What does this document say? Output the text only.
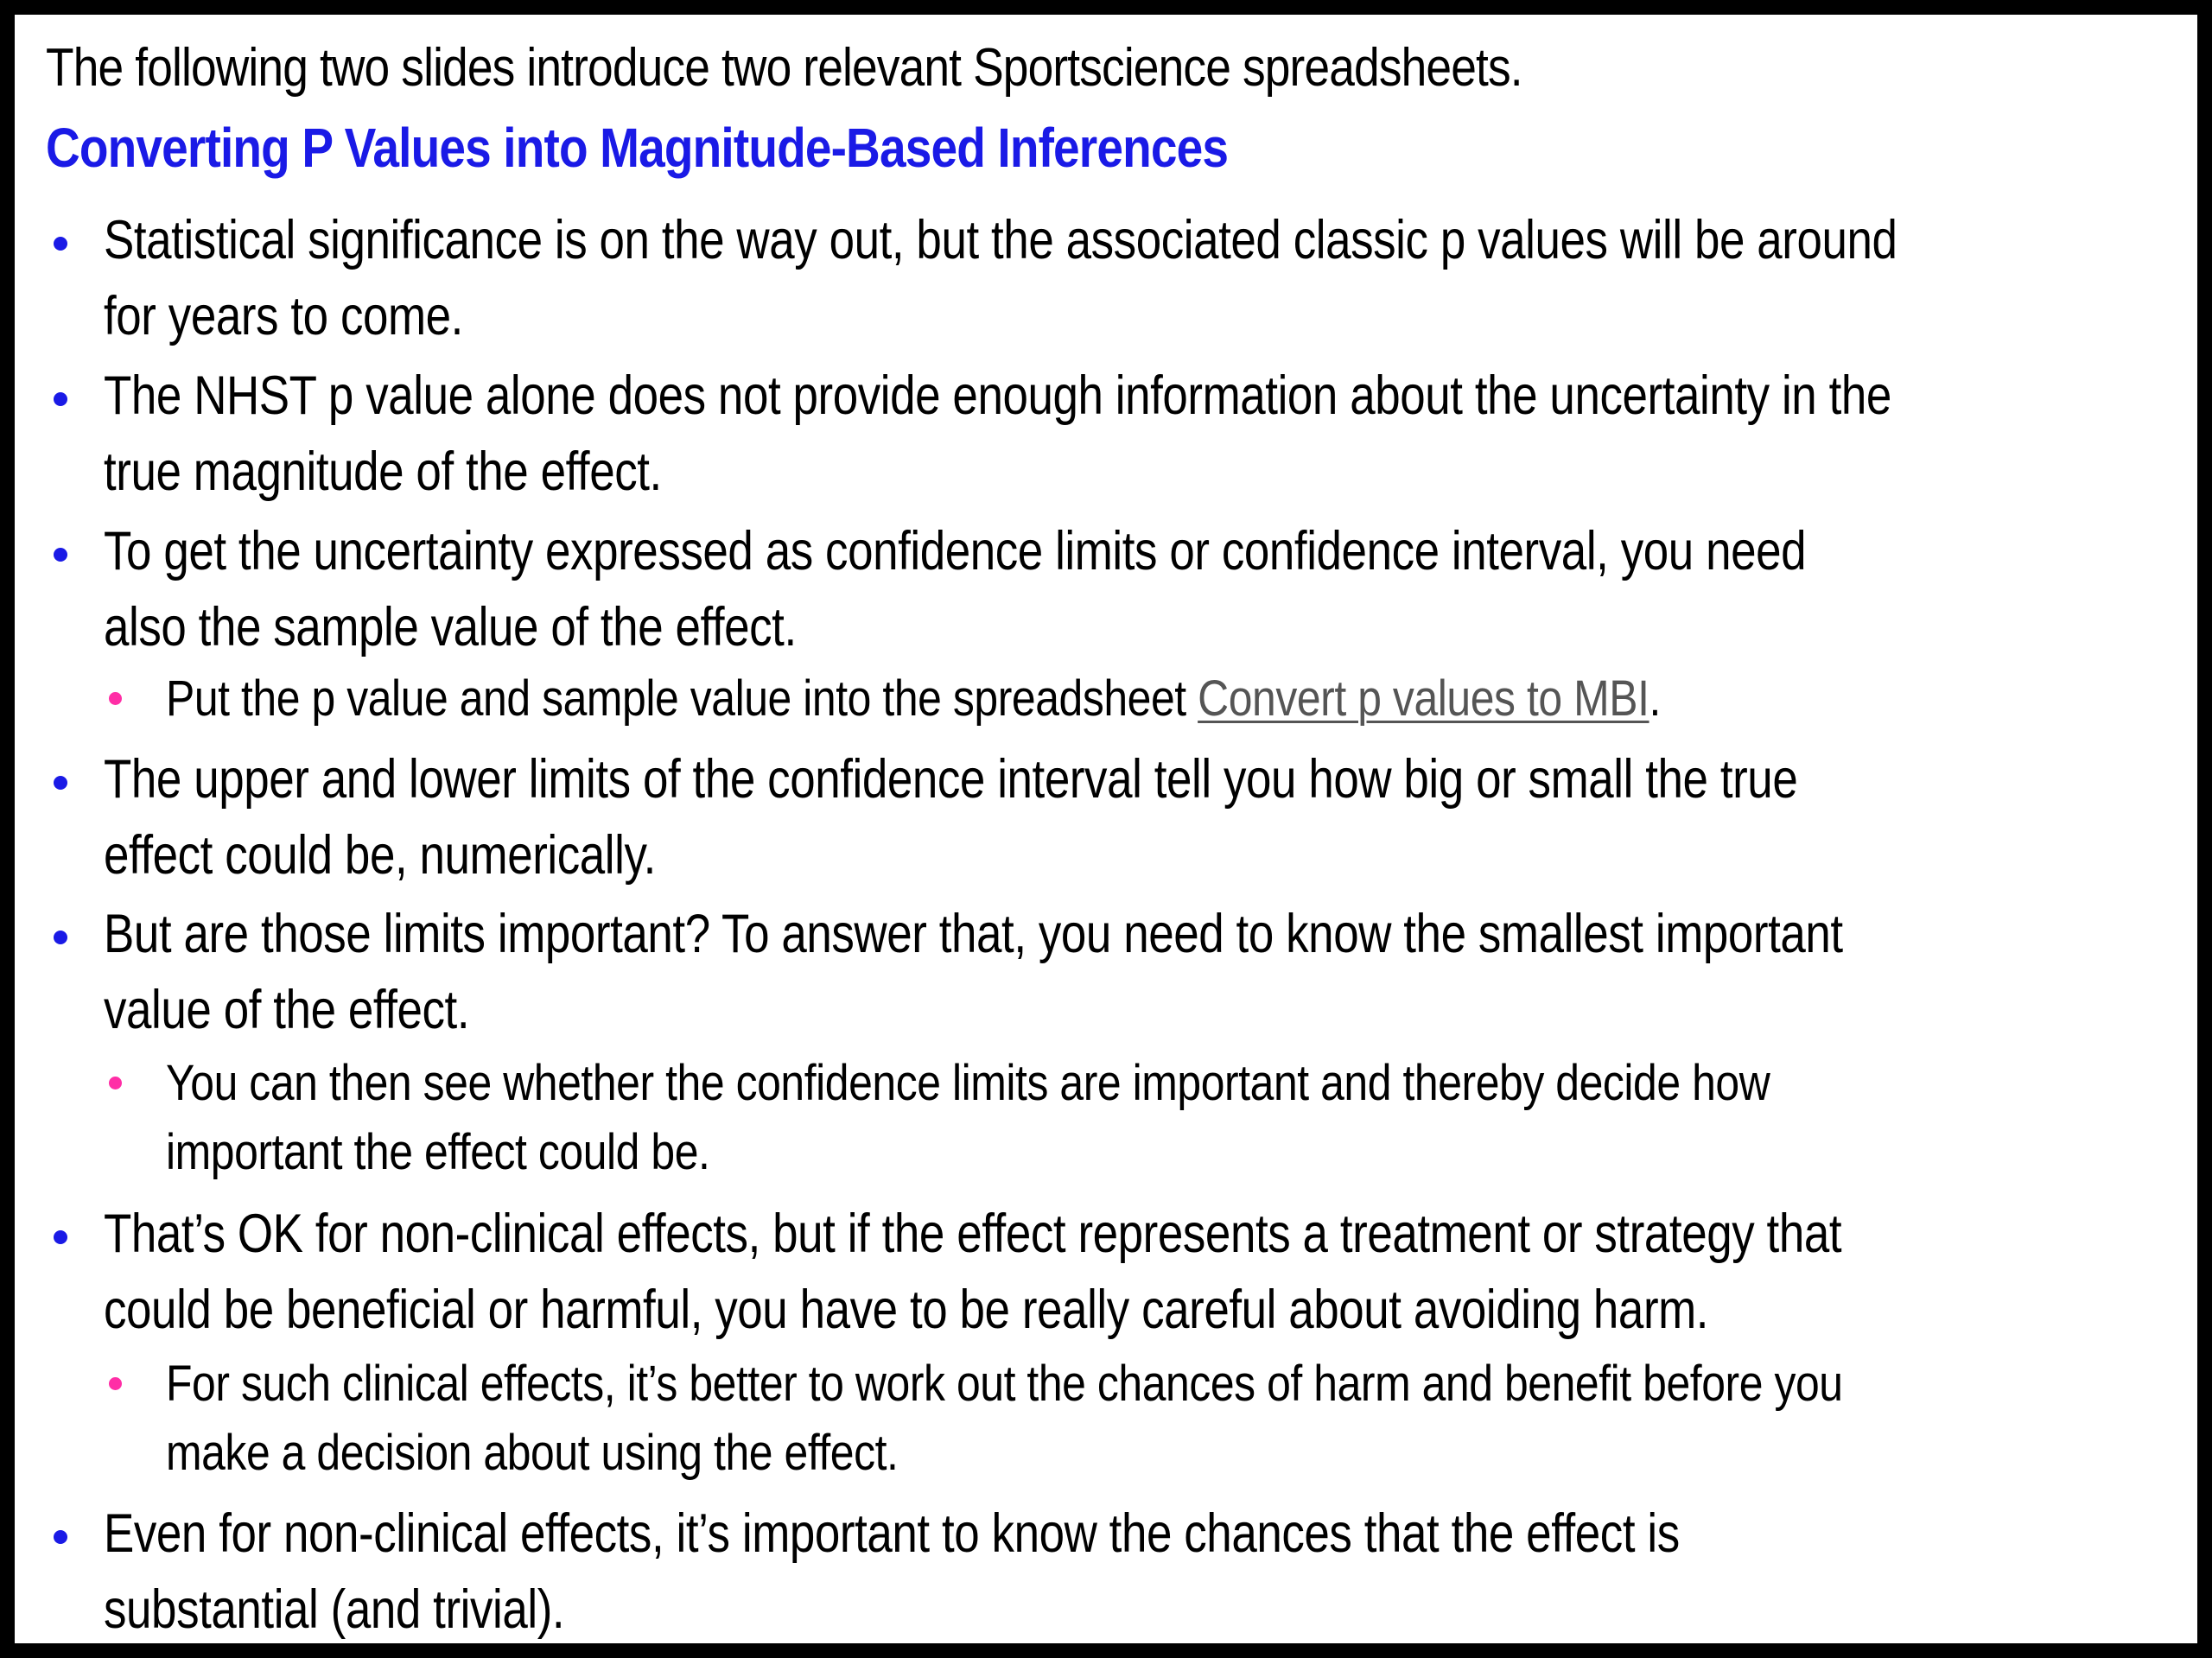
The following two slides introduce two relevant Sportscience spreadsheets.
Converting P Values into Magnitude-Based Inferences
Statistical significance is on the way out, but the associated classic p values will be around
for years to come.
The NHST p value alone does not provide enough information about the uncertainty in the
true magnitude of the effect.
To get the uncertainty expressed as confidence limits or confidence interval, you need
also the sample value of the effect.
Put the p value and sample value into the spreadsheet Convert p values to MBI.
The upper and lower limits of the confidence interval tell you how big or small the true
effect could be, numerically.
But are those limits important? To answer that, you need to know the smallest important
value of the effect.
You can then see whether the confidence limits are important and thereby decide how
important the effect could be.
That’s OK for non-clinical effects, but if the effect represents a treatment or strategy that
could be beneficial or harmful, you have to be really careful about avoiding harm.
For such clinical effects, it’s better to work out the chances of harm and benefit before you
make a decision about using the effect.
Even for non-clinical effects, it’s important to know the chances that the effect is
substantial (and trivial).
